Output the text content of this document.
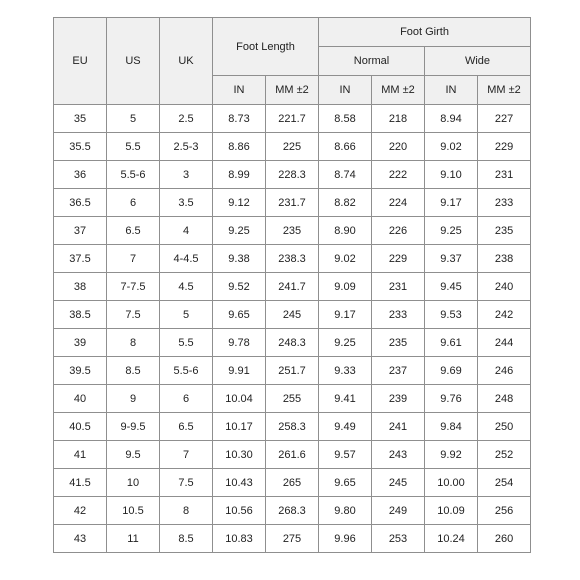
EU	US	UK	Foot Length		Foot Girth			
					Normal		Wide	
			IN	MM ±2	IN	MM ±2	IN	MM ±2
35	5	2.5	8.73	221.7	8.58	218	8.94	227
35.5	5.5	2.5-3	8.86	225	8.66	220	9.02	229
36	5.5-6	3	8.99	228.3	8.74	222	9.10	231
36.5	6	3.5	9.12	231.7	8.82	224	9.17	233
37	6.5	4	9.25	235	8.90	226	9.25	235
37.5	7	4-4.5	9.38	238.3	9.02	229	9.37	238
38	7-7.5	4.5	9.52	241.7	9.09	231	9.45	240
38.5	7.5	5	9.65	245	9.17	233	9.53	242
39	8	5.5	9.78	248.3	9.25	235	9.61	244
39.5	8.5	5.5-6	9.91	251.7	9.33	237	9.69	246
40	9	6	10.04	255	9.41	239	9.76	248
40.5	9-9.5	6.5	10.17	258.3	9.49	241	9.84	250
41	9.5	7	10.30	261.6	9.57	243	9.92	252
41.5	10	7.5	10.43	265	9.65	245	10.00	254
42	10.5	8	10.56	268.3	9.80	249	10.09	256
43	11	8.5	10.83	275	9.96	253	10.24	260
